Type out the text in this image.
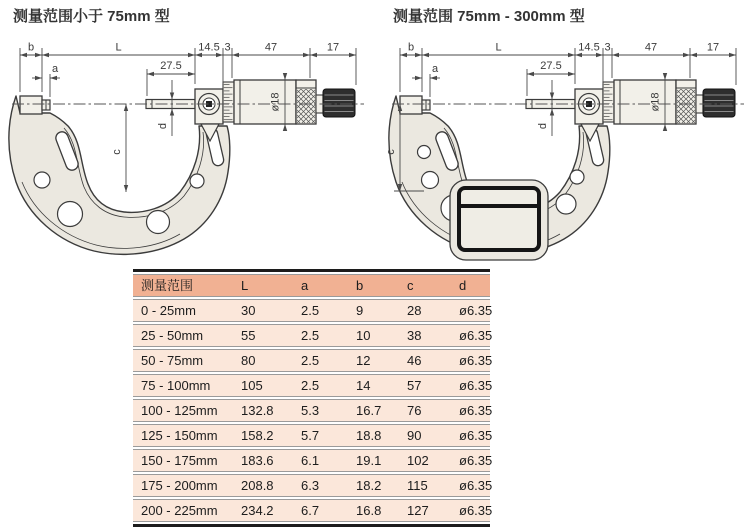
测量范围小于 75mm 型	测量范围 75mm - 300mm 型
b	L	14.5 3	47	17
a	27.5
d
ø18
c
b	L	14.5 3	47	17
a	27.5
d
ø18
c
测量范围	L	a	b	c	d
0 - 25mm	30	2.5	9	28	ø6.35
25 - 50mm	55	2.5	10	38	ø6.35
50 - 75mm	80	2.5	12	46	ø6.35
75 - 100mm	105	2.5	14	57	ø6.35
100 - 125mm	132.8	5.3	16.7	76	ø6.35
125 - 150mm	158.2	5.7	18.8	90	ø6.35
150 - 175mm	183.6	6.1	19.1	102	ø6.35
175 - 200mm	208.8	6.3	18.2	115	ø6.35
200 - 225mm	234.2	6.7	16.8	127	ø6.35
